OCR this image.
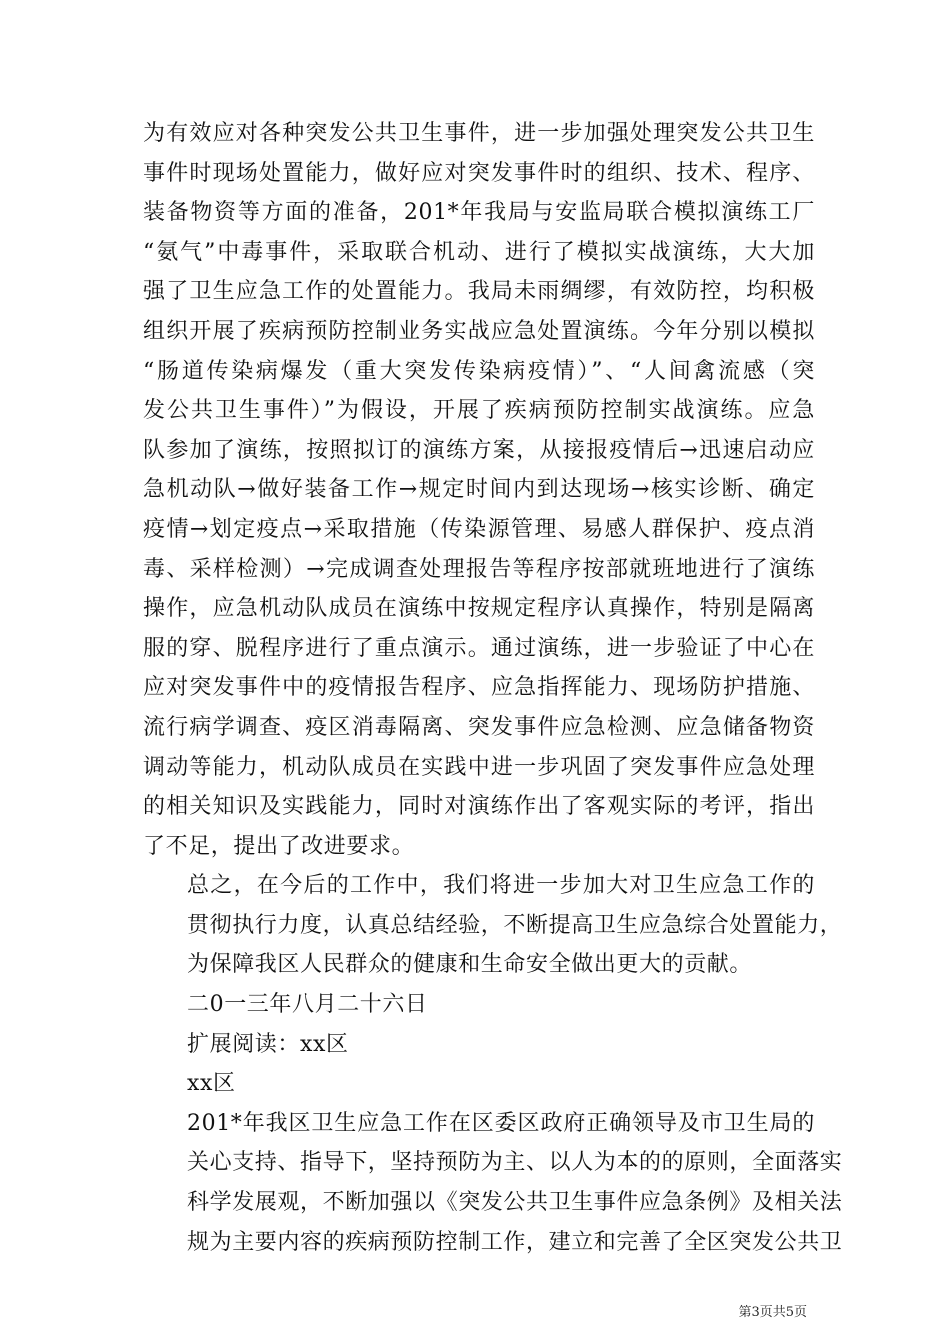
为有效应对各种突发公共卫生事件，进一步加强处理突发公共卫生
事件时现场处置能力，做好应对突发事件时的组织、技术、程序、
装备物资等方面的准备，201*年我局与安监局联合模拟演练工厂
“氨气”中毒事件，采取联合机动、进行了模拟实战演练，大大加
强了卫生应急工作的处置能力。我局未雨绸缪，有效防控，均积极
组织开展了疾病预防控制业务实战应急处置演练。今年分别以模拟
“肠道传染病爆发（重大突发传染病疫情）”、“人间禽流感（突
发公共卫生事件）”为假设，开展了疾病预防控制实战演练。应急
队参加了演练，按照拟订的演练方案，从接报疫情后→迅速启动应
急机动队→做好装备工作→规定时间内到达现场→核实诊断、确定
疫情→划定疫点→采取措施（传染源管理、易感人群保护、疫点消
毒、采样检测）→完成调查处理报告等程序按部就班地进行了演练
操作，应急机动队成员在演练中按规定程序认真操作，特别是隔离
服的穿、脱程序进行了重点演示。通过演练，进一步验证了中心在
应对突发事件中的疫情报告程序、应急指挥能力、现场防护措施、
流行病学调查、疫区消毒隔离、突发事件应急检测、应急储备物资
调动等能力，机动队成员在实践中进一步巩固了突发事件应急处理
的相关知识及实践能力，同时对演练作出了客观实际的考评，指出
了不足，提出了改进要求。
总之，在今后的工作中，我们将进一步加大对卫生应急工作的
贯彻执行力度，认真总结经验，不断提高卫生应急综合处置能力，
为保障我区人民群众的健康和生命安全做出更大的贡献。
二0一三年八月二十六日
扩展阅读：xx区
xx区
201*年我区卫生应急工作在区委区政府正确领导及市卫生局的
关心支持、指导下，坚持预防为主、以人为本的的原则，全面落实
科学发展观，不断加强以《突发公共卫生事件应急条例》及相关法
规为主要内容的疾病预防控制工作，建立和完善了全区突发公共卫
第3页共5页
